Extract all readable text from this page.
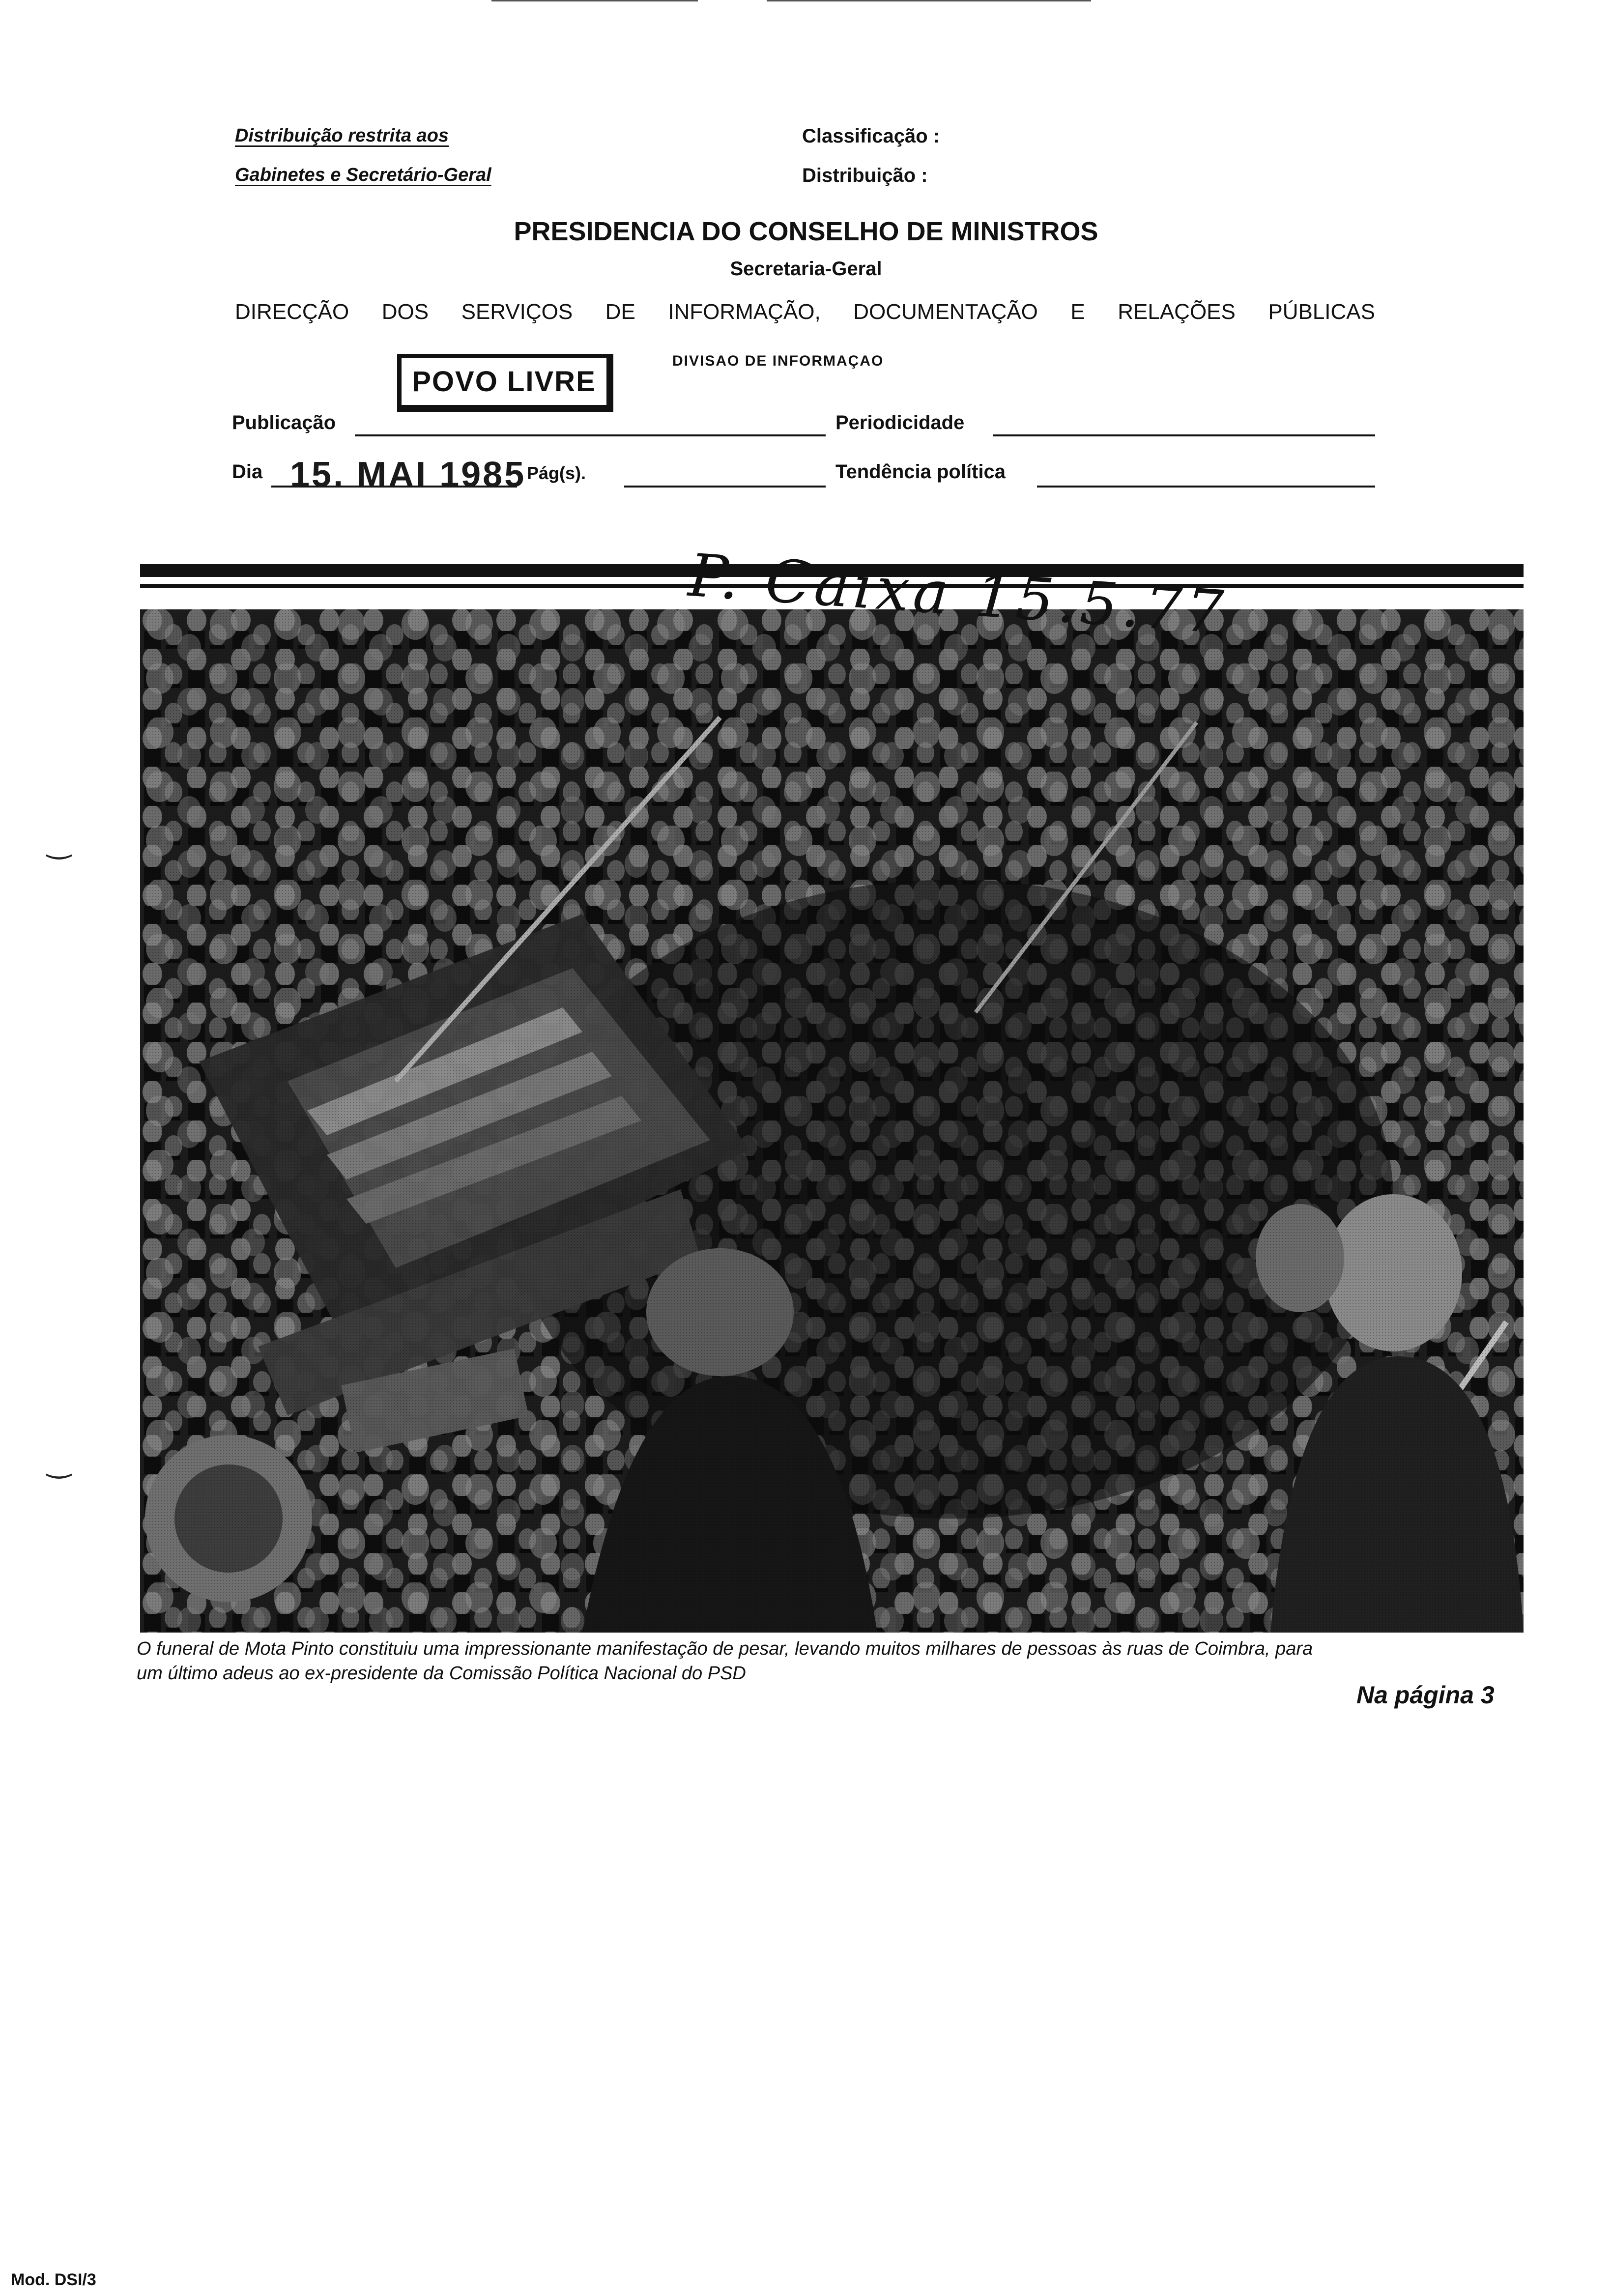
Distribuição restrita aos
Gabinetes e Secretário-Geral
Classificação :
Distribuição :
PRESIDENCIA DO CONSELHO DE MINISTROS
Secretaria-Geral
DIRECÇÃO DOS SERVIÇOS DE INFORMAÇÃO, DOCUMENTAÇÃO E RELAÇÕES PÚBLICAS
DIVISAO DE INFORMAÇAO
POVO LIVRE
Publicação	Periodicidade
Dia 15. MAI 1985 Pág(s).	Tendência política
P. Caixa 15.5.77
O funeral de Mota Pinto constituiu uma impressionante manifestação de pesar, levando muitos milhares de pessoas às ruas de Coimbra, para
um último adeus ao ex-presidente da Comissão Política Nacional do PSD
Na página 3
‿
‿
Mod. DSI/3
